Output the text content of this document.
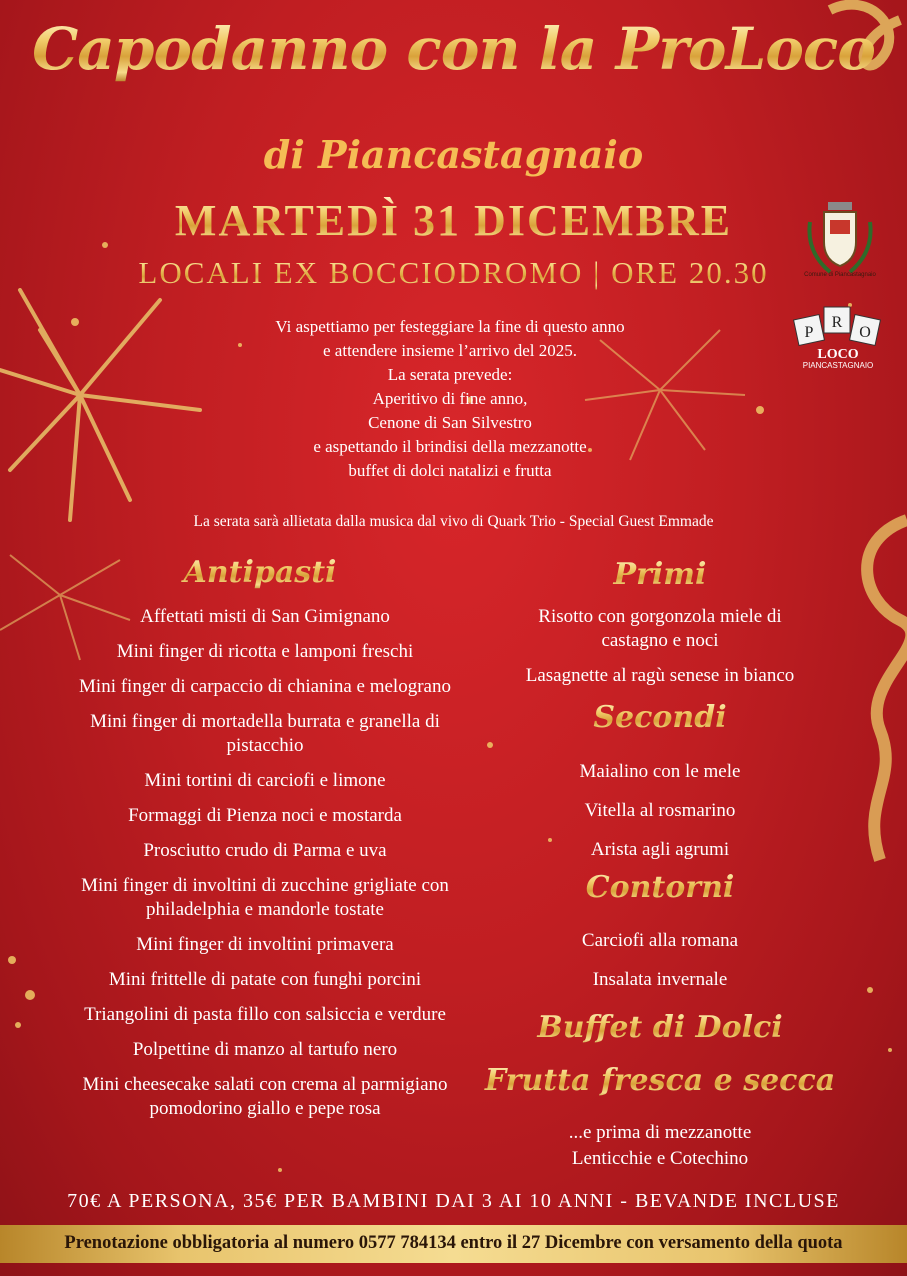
Capodanno con la ProLoco
di Piancastagnaio
MARTEDÌ 31 DICEMBRE
LOCALI EX BOCCIODROMO | ORE 20.30	Comune di Piancastagnaio
P
R
O
LOCO
PIANCASTAGNAIO
Vi aspettiamo per festeggiare la fine di questo anno
e attendere insieme l’arrivo del 2025.
La serata prevede:
Aperitivo di fine anno,
Cenone di San Silvestro
e aspettando il brindisi della mezzanotte
buffet di dolci natalizi e frutta
La serata sarà allietata dalla musica dal vivo di Quark Trio - Special Guest Emmade
Antipasti
Affettati misti di San Gimignano
Mini finger di ricotta e lamponi freschi
Mini finger di carpaccio di chianina e melograno
Mini finger di mortadella burrata e granella di pistacchio
Mini tortini di carciofi e limone
Formaggi di Pienza noci e mostarda
Prosciutto crudo di Parma e uva
Mini finger di involtini di zucchine grigliate con philadelphia e mandorle tostate
Mini finger di involtini primavera
Mini frittelle di patate con funghi porcini
Triangolini di pasta fillo con salsiccia e verdure
Polpettine di manzo al tartufo nero
Mini cheesecake salati con crema al parmigiano pomodorino giallo e pepe rosa
Primi
Risotto con gorgonzola miele di castagno e noci
Lasagnette al ragù senese in bianco
Secondi
Maialino con le mele
Vitella al rosmarino
Arista agli agrumi
Contorni
Carciofi alla romana
Insalata invernale
Buffet di Dolci
Frutta fresca e secca
...e prima di mezzanotte
Lenticchie e Cotechino
70€ A PERSONA, 35€ PER BAMBINI DAI 3 AI 10 ANNI - BEVANDE INCLUSE
Prenotazione obbligatoria al numero 0577 784134 entro il 27 Dicembre con versamento della quota
